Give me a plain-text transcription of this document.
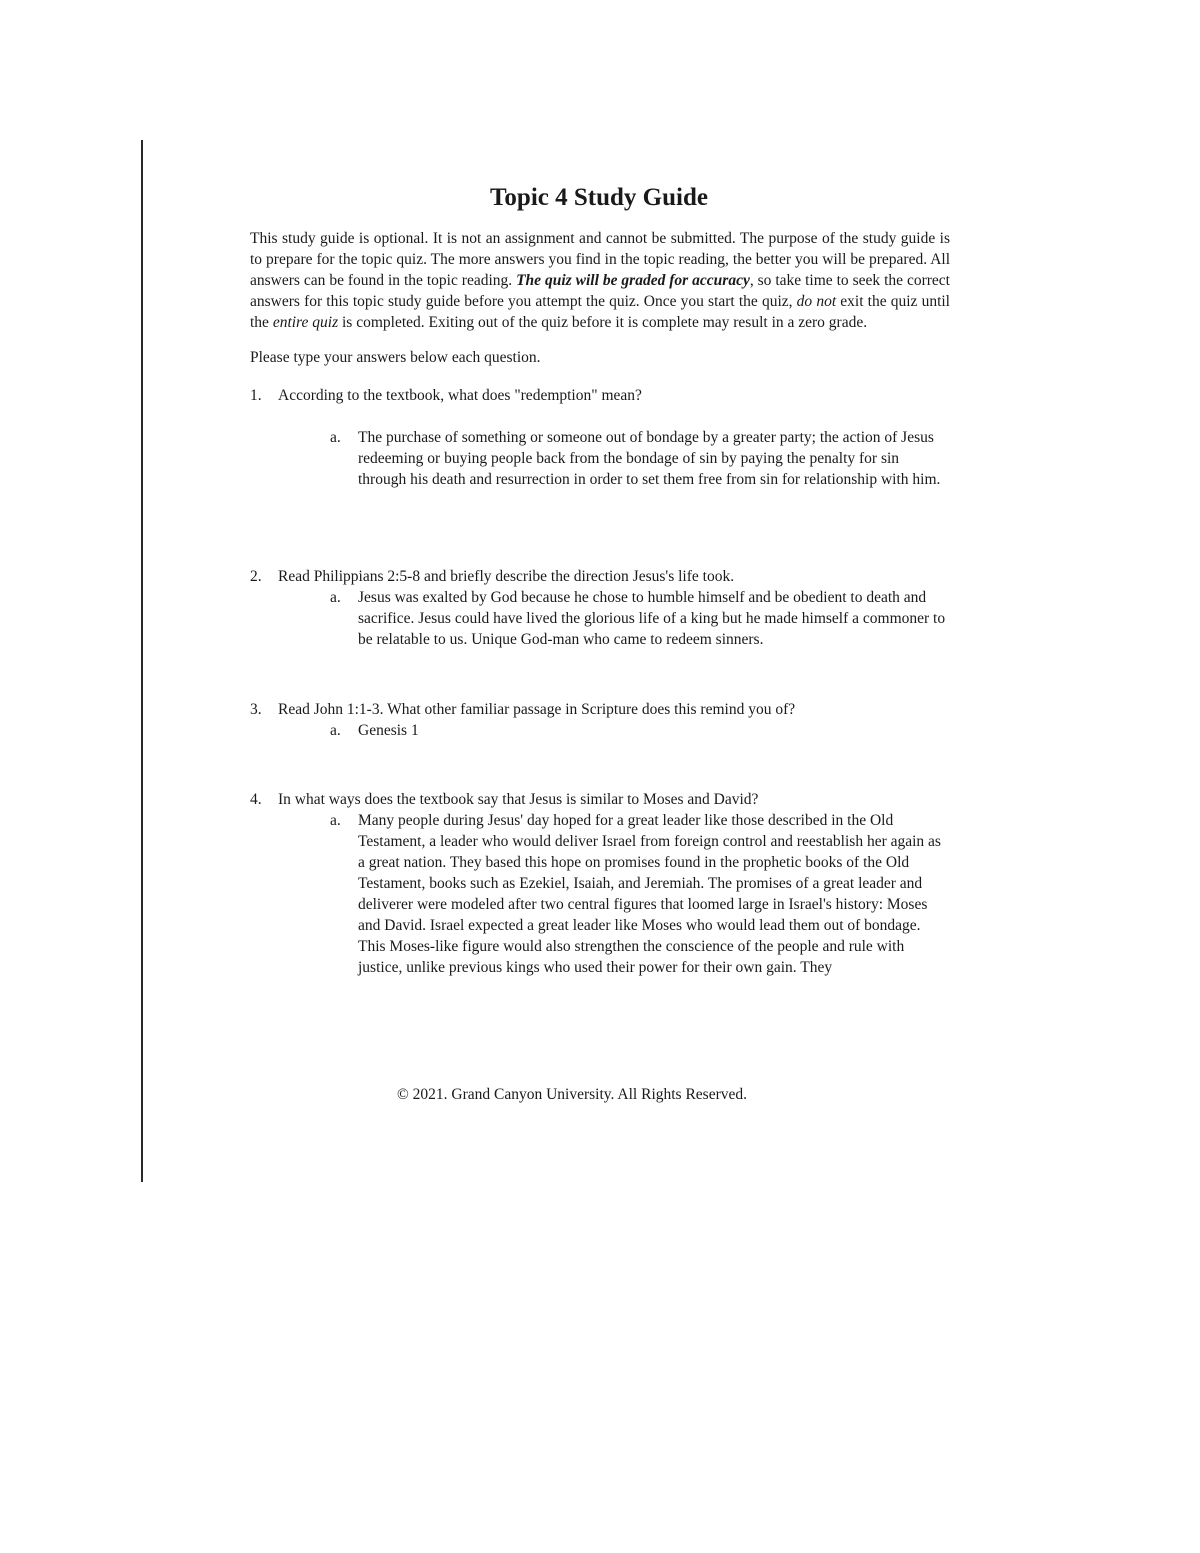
Topic 4 Study Guide

This study guide is optional. It is not an assignment and cannot be submitted. The purpose of the study guide is to prepare for the topic quiz. The more answers you find in the topic reading, the better you will be prepared. All answers can be found in the topic reading. The quiz will be graded for accuracy, so take time to seek the correct answers for this topic study guide before you attempt the quiz. Once you start the quiz, do not exit the quiz until the entire quiz is completed. Exiting out of the quiz before it is complete may result in a zero grade.

Please type your answers below each question.

1. According to the textbook, what does "redemption" mean?
a. The purchase of something or someone out of bondage by a greater party; the action of Jesus redeeming or buying people back from the bondage of sin by paying the penalty for sin through his death and resurrection in order to set them free from sin for relationship with him.
2. Read Philippians 2:5-8 and briefly describe the direction Jesus's life took.
a. Jesus was exalted by God because he chose to humble himself and be obedient to death and sacrifice. Jesus could have lived the glorious life of a king but he made himself a commoner to be relatable to us. Unique God-man who came to redeem sinners.
3. Read John 1:1-3. What other familiar passage in Scripture does this remind you of?
a. Genesis 1
4. In what ways does the textbook say that Jesus is similar to Moses and David?
a. Many people during Jesus' day hoped for a great leader like those described in the Old Testament, a leader who would deliver Israel from foreign control and reestablish her again as a great nation. They based this hope on promises found in the prophetic books of the Old Testament, books such as Ezekiel, Isaiah, and Jeremiah. The promises of a great leader and deliverer were modeled after two central figures that loomed large in Israel's history: Moses and David. Israel expected a great leader like Moses who would lead them out of bondage. This Moses-like figure would also strengthen the conscience of the people and rule with justice, unlike previous kings who used their power for their own gain. They
© 2021. Grand Canyon University. All Rights Reserved.
